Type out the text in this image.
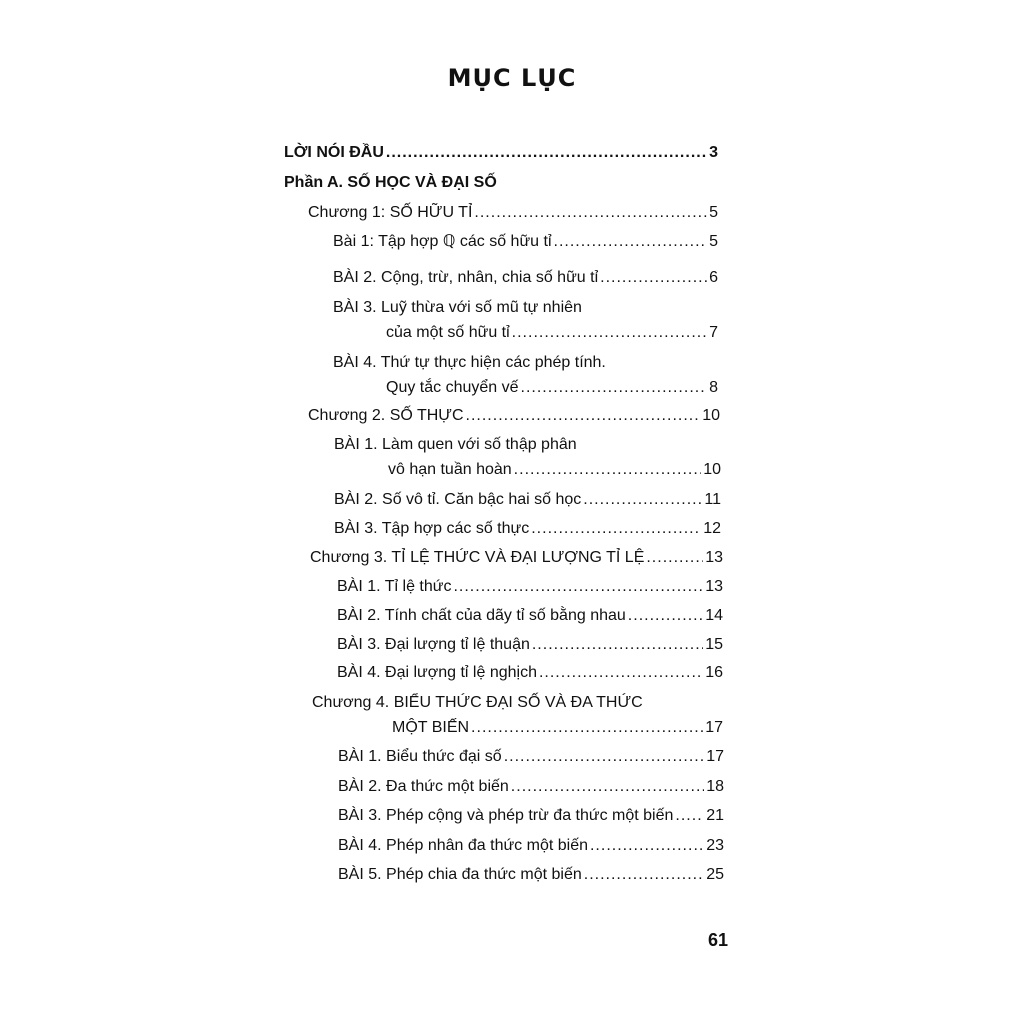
MỤC LỤC
LỜI NÓI ĐẦU .....	3
Phần A. SỐ HỌC VÀ ĐẠI SỐ
Chương 1: SỐ HỮU TỈ .....	5
Bài 1: Tập hợp ℚ các số hữu tỉ .....	5
BÀI 2. Cộng, trừ, nhân, chia số hữu tỉ .....	6
BÀI 3. Luỹ thừa với số mũ tự nhiên
của một số hữu tỉ .....	7
BÀI 4. Thứ tự thực hiện các phép tính.
Quy tắc chuyển vế .....	8
Chương 2. SỐ THỰC .....	10
BÀI 1. Làm quen với số thập phân
vô hạn tuần hoàn .....	10
BÀI 2. Số vô tỉ. Căn bậc hai số học .....	11
BÀI 3. Tập hợp các số thực .....	12
Chương 3. TỈ LỆ THỨC VÀ ĐẠI LƯỢNG TỈ LỆ .....	13
BÀI 1. Tỉ lệ thức .....	13
BÀI 2. Tính chất của dãy tỉ số bằng nhau .....	14
BÀI 3. Đại lượng tỉ lệ thuận .....	15
BÀI 4. Đại lượng tỉ lệ nghịch .....	16
Chương 4. BIỂU THỨC ĐẠI SỐ VÀ ĐA THỨC
MỘT BIẾN .....	17
BÀI 1. Biểu thức đại số .....	17
BÀI 2. Đa thức một biến .....	18
BÀI 3. Phép cộng và phép trừ đa thức một biến ..... 21
BÀI 4. Phép nhân đa thức một biến .....	23
BÀI 5. Phép chia đa thức một biến .....	25
61
